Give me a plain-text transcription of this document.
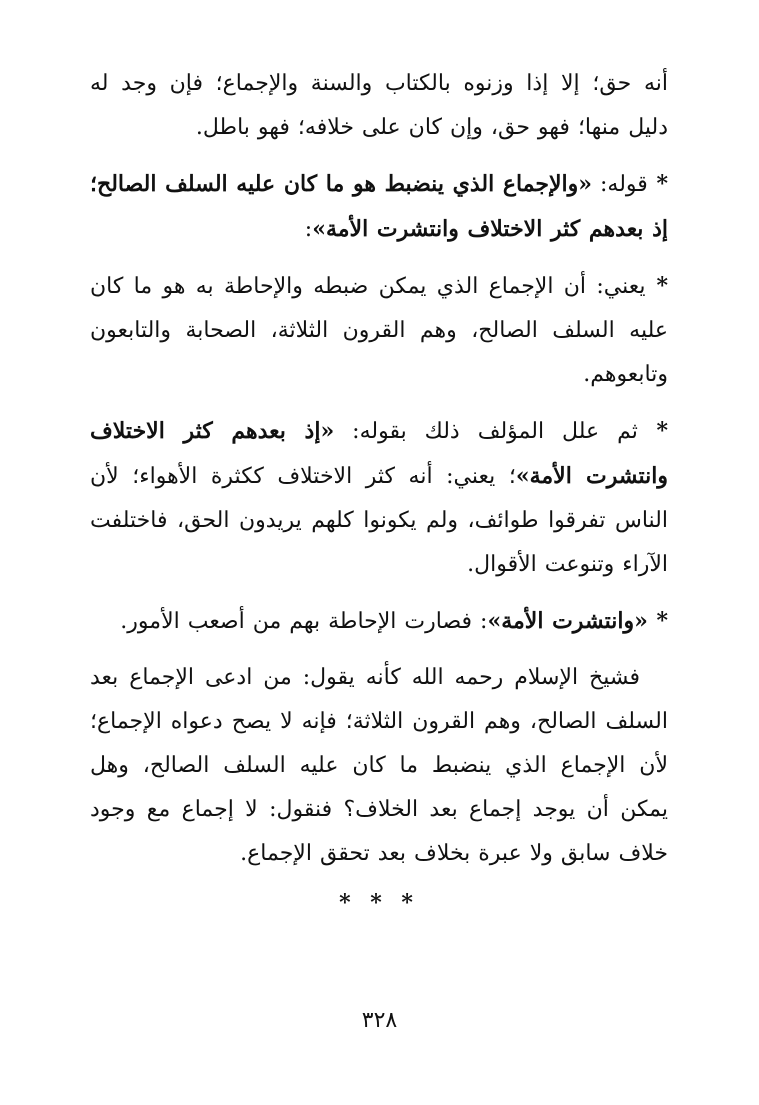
أنه حق؛ إلا إذا وزنوه بالكتاب والسنة والإجماع؛ فإن وجد له دليل منها؛ فهو حق، وإن كان على خلافه؛ فهو باطل.

* قوله: «والإجماع الذي ينضبط هو ما كان عليه السلف الصالح؛ إذ بعدهم كثر الاختلاف وانتشرت الأمة»:

* يعني: أن الإجماع الذي يمكن ضبطه والإحاطة به هو ما كان عليه السلف الصالح، وهم القرون الثلاثة، الصحابة والتابعون وتابعوهم.

* ثم علل المؤلف ذلك بقوله: «إذ بعدهم كثر الاختلاف وانتشرت الأمة»؛ يعني: أنه كثر الاختلاف ككثرة الأهواء؛ لأن الناس تفرقوا طوائف، ولم يكونوا كلهم يريدون الحق، فاختلفت الآراء وتنوعت الأقوال.

* «وانتشرت الأمة»: فصارت الإحاطة بهم من أصعب الأمور.

فشيخ الإسلام رحمه الله كأنه يقول: من ادعى الإجماع بعد السلف الصالح، وهم القرون الثلاثة؛ فإنه لا يصح دعواه الإجماع؛ لأن الإجماع الذي ينضبط ما كان عليه السلف الصالح، وهل يمكن أن يوجد إجماع بعد الخلاف؟ فنقول: لا إجماع مع وجود خلاف سابق ولا عبرة بخلاف بعد تحقق الإجماع.

* * *
٣٢٨
